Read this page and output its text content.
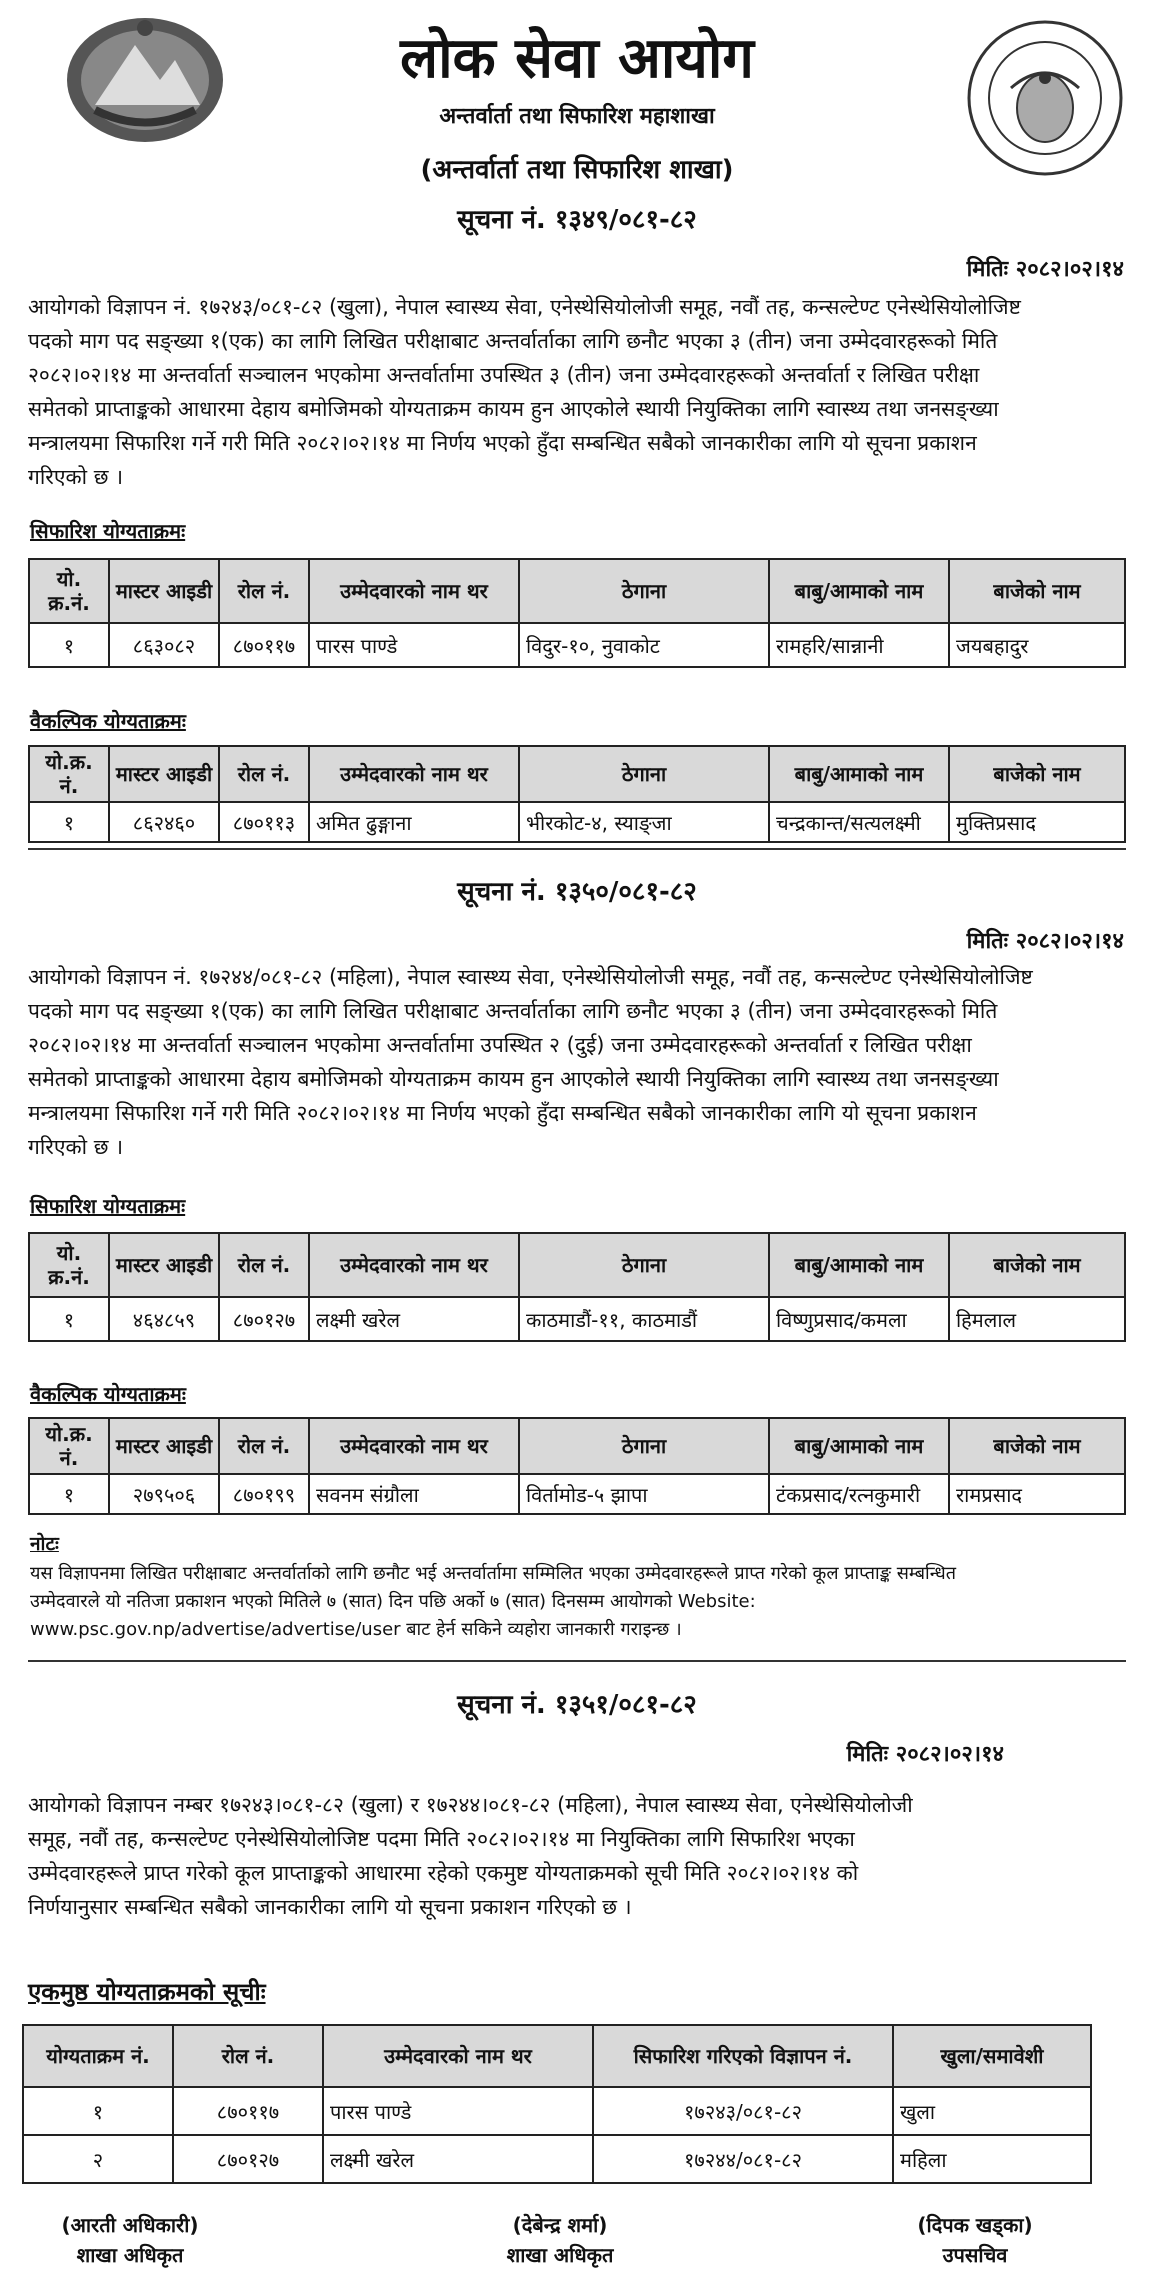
लोक सेवा आयोग
अन्तर्वार्ता तथा सिफारिश महाशाखा
(अन्तर्वार्ता तथा सिफारिश शाखा)
सूचना नं. १३४९/०८१-८२
मितिः २०८२।०२।१४
आयोगको विज्ञापन नं. १७२४३/०८१-८२ (खुला), नेपाल स्वास्थ्य सेवा, एनेस्थेसियोलोजी समूह, नवौं तह, कन्सल्टेण्ट एनेस्थेसियोलोजिष्ट
पदको माग पद सङ्ख्या १(एक) का लागि लिखित परीक्षाबाट अन्तर्वार्ताका लागि छनौट भएका ३ (तीन) जना उम्मेदवारहरूको मिति
२०८२।०२।१४ मा अन्तर्वार्ता सञ्चालन भएकोमा अन्तर्वार्तामा उपस्थित ३ (तीन) जना उम्मेदवारहरूको अन्तर्वार्ता र लिखित परीक्षा
समेतको प्राप्ताङ्कको आधारमा देहाय बमोजिमको योग्यताक्रम कायम हुन आएकोले स्थायी नियुक्तिका लागि स्वास्थ्य तथा जनसङ्ख्या
मन्त्रालयमा सिफारिश गर्ने गरी मिति २०८२।०२।१४ मा निर्णय भएको हुँदा सम्बन्धित सबैको जानकारीका लागि यो सूचना प्रकाशन
गरिएको छ ।
सिफारिश योग्यताक्रमः
यो. क्र.नं.	मास्टर आइडी	रोल नं.	उम्मेदवारको नाम थर	ठेगाना	बाबु/आमाको नाम	बाजेको नाम
१	८६३०८२	८७०११७	पारस पाण्डे	विदुर-१०, नुवाकोट	रामहरि/सान्नानी	जयबहादुर
वैकल्पिक योग्यताक्रमः
यो.क्र. नं.	मास्टर आइडी	रोल नं.	उम्मेदवारको नाम थर	ठेगाना	बाबु/आमाको नाम	बाजेको नाम
१	८६२४६०	८७०११३	अमित ढुङ्गाना	भीरकोट-४, स्याङ्जा	चन्द्रकान्त/सत्यलक्ष्मी	मुक्तिप्रसाद
सूचना नं. १३५०/०८१-८२
मितिः २०८२।०२।१४
आयोगको विज्ञापन नं. १७२४४/०८१-८२ (महिला), नेपाल स्वास्थ्य सेवा, एनेस्थेसियोलोजी समूह, नवौं तह, कन्सल्टेण्ट एनेस्थेसियोलोजिष्ट
पदको माग पद सङ्ख्या १(एक) का लागि लिखित परीक्षाबाट अन्तर्वार्ताका लागि छनौट भएका ३ (तीन) जना उम्मेदवारहरूको मिति
२०८२।०२।१४ मा अन्तर्वार्ता सञ्चालन भएकोमा अन्तर्वार्तामा उपस्थित २ (दुई) जना उम्मेदवारहरूको अन्तर्वार्ता र लिखित परीक्षा
समेतको प्राप्ताङ्कको आधारमा देहाय बमोजिमको योग्यताक्रम कायम हुन आएकोले स्थायी नियुक्तिका लागि स्वास्थ्य तथा जनसङ्ख्या
मन्त्रालयमा सिफारिश गर्ने गरी मिति २०८२।०२।१४ मा निर्णय भएको हुँदा सम्बन्धित सबैको जानकारीका लागि यो सूचना प्रकाशन
गरिएको छ ।
सिफारिश योग्यताक्रमः
यो. क्र.नं.	मास्टर आइडी	रोल नं.	उम्मेदवारको नाम थर	ठेगाना	बाबु/आमाको नाम	बाजेको नाम
१	४६४८५९	८७०१२७	लक्ष्मी खरेल	काठमाडौं-११, काठमाडौं	विष्णुप्रसाद/कमला	हिमलाल
वैकल्पिक योग्यताक्रमः
यो.क्र. नं.	मास्टर आइडी	रोल नं.	उम्मेदवारको नाम थर	ठेगाना	बाबु/आमाको नाम	बाजेको नाम
१	२७९५०६	८७०१९९	सवनम संग्रौला	विर्तामोड-५ झापा	टंकप्रसाद/रत्नकुमारी	रामप्रसाद
नोटः
यस विज्ञापनमा लिखित परीक्षाबाट अन्तर्वार्ताको लागि छनौट भई अन्तर्वार्तामा सम्मिलित भएका उम्मेदवारहरूले प्राप्त गरेको कूल प्राप्ताङ्क सम्बन्धित
उम्मेदवारले यो नतिजा प्रकाशन भएको मितिले ७ (सात) दिन पछि अर्को ७ (सात) दिनसम्म आयोगको Website:
www.psc.gov.np/advertise/advertise/user बाट हेर्न सकिने व्यहोरा जानकारी गराइन्छ ।
सूचना नं. १३५१/०८१-८२
मितिः २०८२।०२।१४
आयोगको विज्ञापन नम्बर १७२४३।०८१-८२ (खुला) र १७२४४।०८१-८२ (महिला), नेपाल स्वास्थ्य सेवा, एनेस्थेसियोलोजी
समूह, नवौं तह, कन्सल्टेण्ट एनेस्थेसियोलोजिष्ट पदमा मिति २०८२।०२।१४ मा नियुक्तिका लागि सिफारिश भएका
उम्मेदवारहरूले प्राप्त गरेको कूल प्राप्ताङ्कको आधारमा रहेको एकमुष्ट योग्यताक्रमको सूची मिति २०८२।०२।१४ को
निर्णयानुसार सम्बन्धित सबैको जानकारीका लागि यो सूचना प्रकाशन गरिएको छ ।
एकमुष्ठ योग्यताक्रमको सूचीः
योग्यताक्रम नं.	रोल नं.	उम्मेदवारको नाम थर	सिफारिश गरिएको विज्ञापन नं.	खुला/समावेशी
१	८७०११७	पारस पाण्डे	१७२४३/०८१-८२	खुला
२	८७०१२७	लक्ष्मी खरेल	१७२४४/०८१-८२	महिला
(आरती अधिकारी)
शाखा अधिकृत
(देबेन्द्र शर्मा)
शाखा अधिकृत
(दिपक खड्का)
उपसचिव
